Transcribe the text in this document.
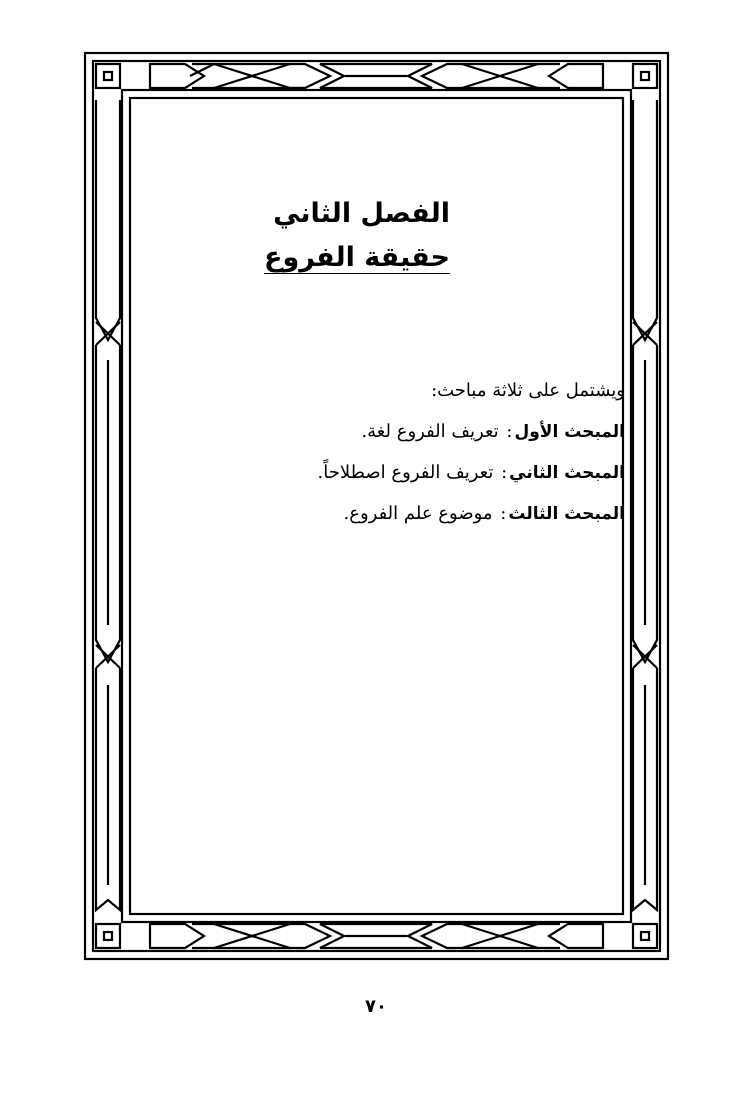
الفصل الثاني
حقيقة الفروع
ويشتمل على ثلاثة مباحث:
المبحث الأول: تعريف الفروع لغة.
المبحث الثاني: تعريف الفروع اصطلاحاً.
المبحث الثالث: موضوع علم الفروع.
٧٠
